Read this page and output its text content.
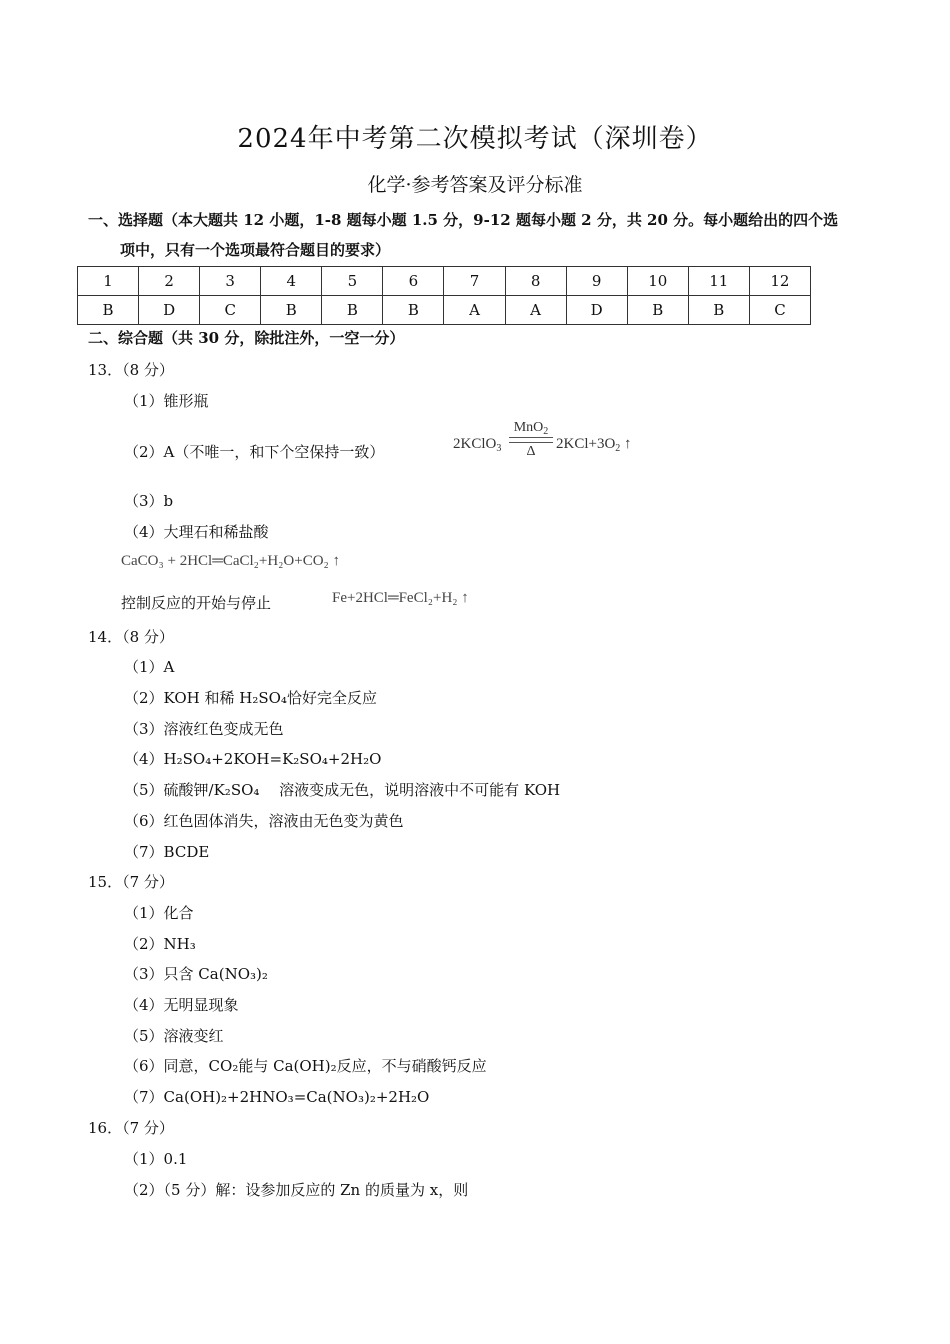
2024年中考第二次模拟考试（深圳卷）
化学·参考答案及评分标准
一、选择题（本大题共 12 小题，1-8 题每小题 1.5 分，9-12 题每小题 2 分，共 20 分。每小题给出的四个选
项中，只有一个选项最符合题目的要求）
1	2	3	4	5	6	7	8	9	10	11	12
B	D	C	B	B	B	A	A	D	B	B	C
二、综合题（共 30 分，除批注外，一空一分）
13．（8 分）
（1）锥形瓶
（2）A（不唯一，和下个空保持一致）	2KClO$_3$
MnO$_2$
Δ	$2KCl+3O_2$ ↑
（3）b
（4）大理石和稀盐酸
CaCO₃ + 2HCl═CaCl₂+H₂O+CO₂ ↑
控制反应的开始与停止	Fe+2HCl═FeCl₂+H₂ ↑
14．（8 分）
（1）A
（2）KOH 和稀 H₂SO₄恰好完全反应
（3）溶液红色变成无色
（4）H₂SO₄+2KOH=K₂SO₄+2H₂O
（5）硫酸钾/K₂SO₄　 溶液变成无色，说明溶液中不可能有 KOH
（6）红色固体消失，溶液由无色变为黄色
（7）BCDE
15．（7 分）
（1）化合
（2）NH₃
（3）只含 Ca(NO₃)₂
（4）无明显现象
（5）溶液变红
（6）同意，CO₂能与 Ca(OH)₂反应，不与硝酸钙反应
（7）Ca(OH)₂+2HNO₃=Ca(NO₃)₂+2H₂O
16．（7 分）
（1）0.1
（2）（5 分）解：设参加反应的 Zn 的质量为 x，则
